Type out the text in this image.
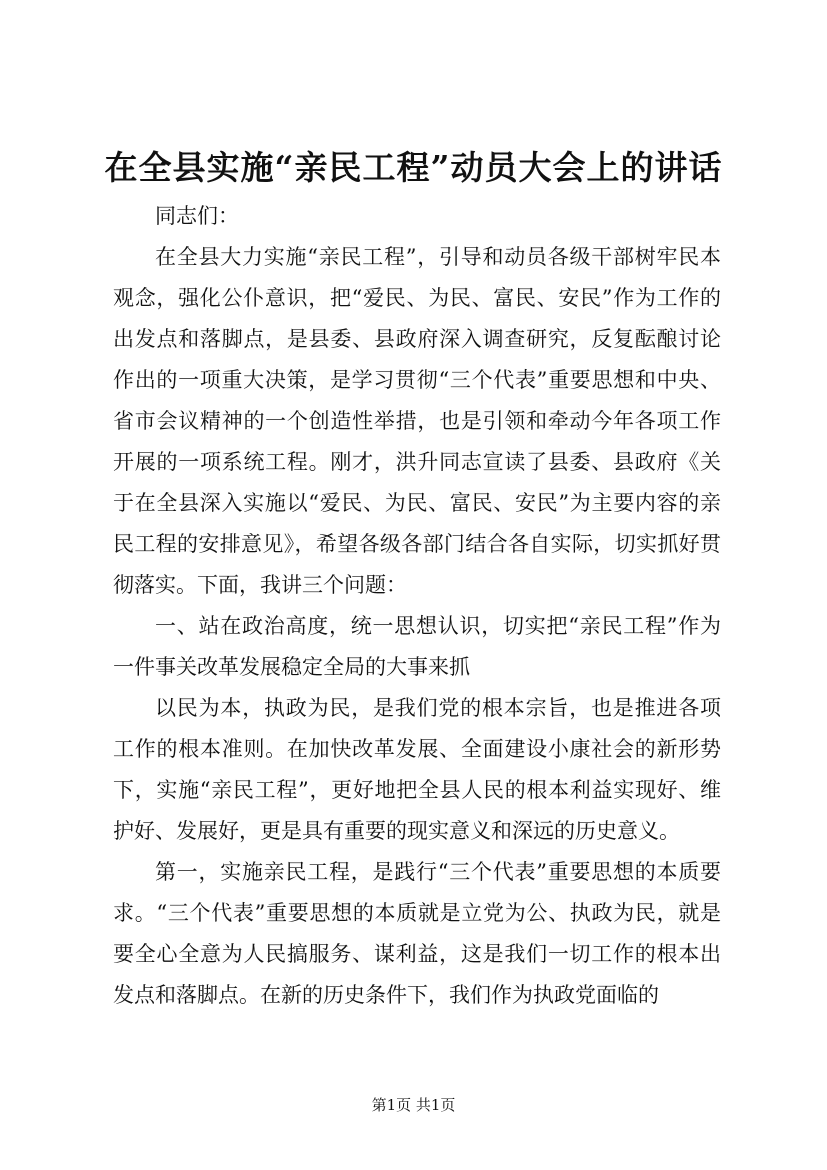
在全县实施“亲民工程”动员大会上的讲话

同志们：

在全县大力实施“亲民工程”，引导和动员各级干部树牢民本观念，强化公仆意识，把“爱民、为民、富民、安民”作为工作的出发点和落脚点，是县委、县政府深入调查研究，反复酝酿讨论作出的一项重大决策，是学习贯彻“三个代表”重要思想和中央、省市会议精神的一个创造性举措，也是引领和牵动今年各项工作开展的一项系统工程。刚才，洪升同志宣读了县委、县政府《关于在全县深入实施以“爱民、为民、富民、安民”为主要内容的亲民工程的安排意见》，希望各级各部门结合各自实际，切实抓好贯彻落实。下面，我讲三个问题：

一、站在政治高度，统一思想认识，切实把“亲民工程”作为一件事关改革发展稳定全局的大事来抓

以民为本，执政为民，是我们党的根本宗旨，也是推进各项工作的根本准则。在加快改革发展、全面建设小康社会的新形势下，实施“亲民工程”，更好地把全县人民的根本利益实现好、维护好、发展好，更是具有重要的现实意义和深远的历史意义。

第一，实施亲民工程，是践行“三个代表”重要思想的本质要求。“三个代表”重要思想的本质就是立党为公、执政为民，就是要全心全意为人民搞服务、谋利益，这是我们一切工作的根本出发点和落脚点。在新的历史条件下，我们作为执政党面临的

第1页 共1页
